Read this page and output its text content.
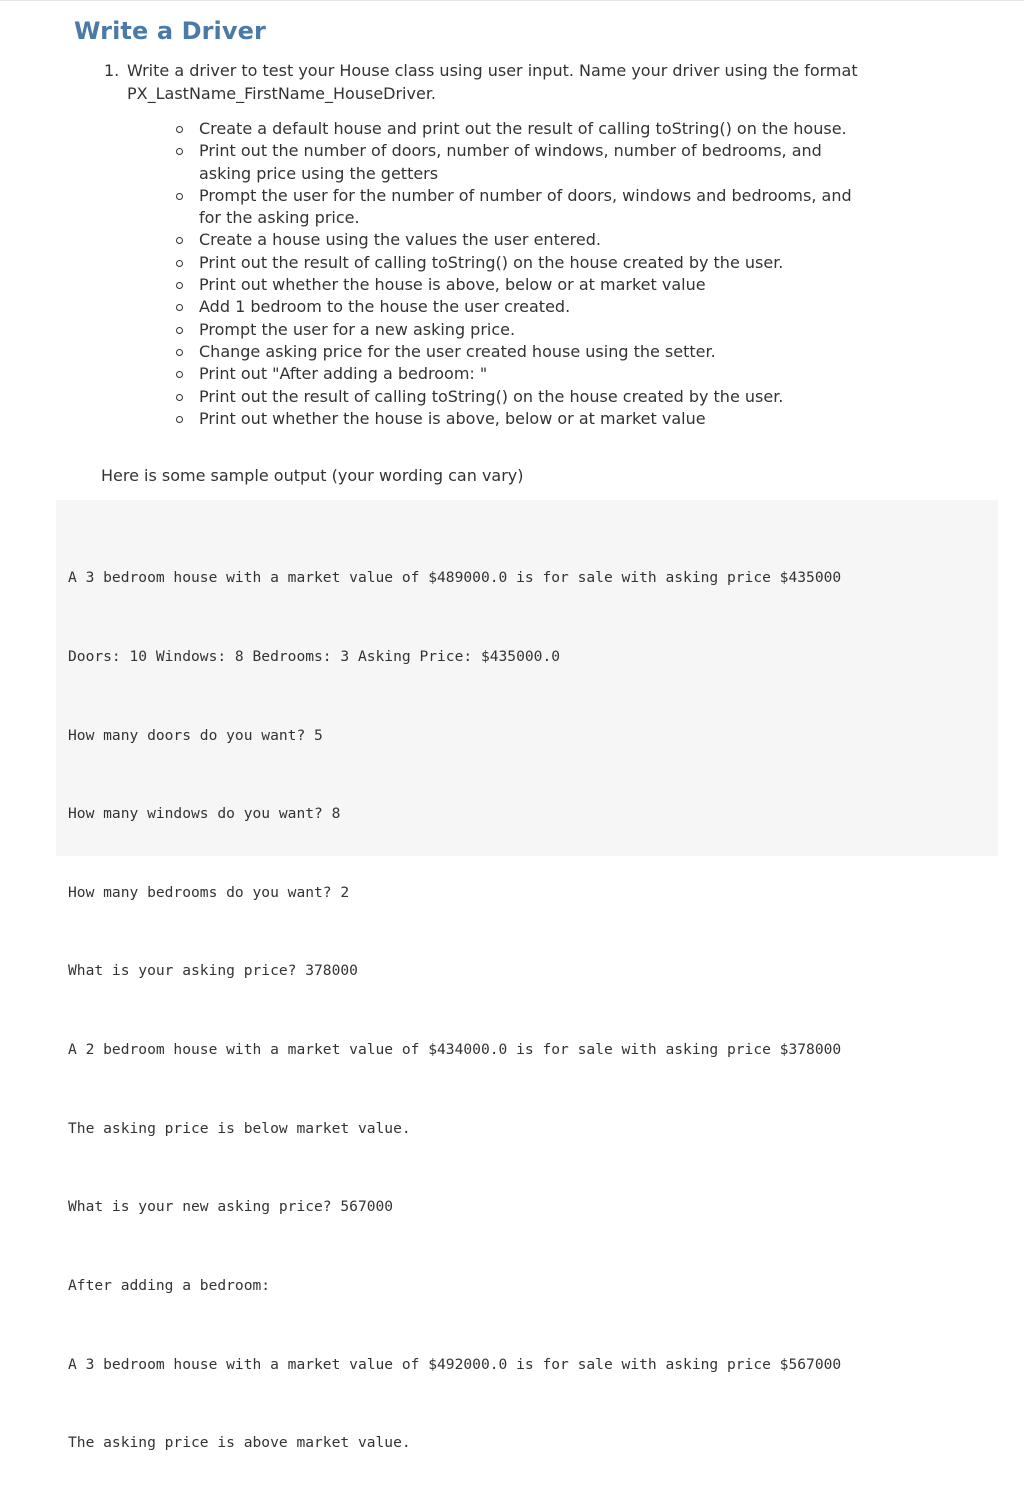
Write a Driver
1. Write a driver to test your House class using user input. Name your driver using the format PX_LastName_FirstName_HouseDriver.
Create a default house and print out the result of calling toString() on the house.
Print out the number of doors, number of windows, number of bedrooms, and asking price using the getters
Prompt the user for the number of number of doors, windows and bedrooms, and for the asking price.
Create a house using the values the user entered.
Print out the result of calling toString() on the house created by the user.
Print out whether the house is above, below or at market value
Add 1 bedroom to the house the user created.
Prompt the user for a new asking price.
Change asking price for the user created house using the setter.
Print out "After adding a bedroom: "
Print out the result of calling toString() on the house created by the user.
Print out whether the house is above, below or at market value

Here is some sample output (your wording can vary)

A 3 bedroom house with a market value of $489000.0 is for sale with asking price $435000

Doors: 10 Windows: 8 Bedrooms: 3 Asking Price: $435000.0

How many doors do you want? 5

How many windows do you want? 8

How many bedrooms do you want? 2

What is your asking price? 378000

A 2 bedroom house with a market value of $434000.0 is for sale with asking price $378000

The asking price is below market value.

What is your new asking price? 567000

After adding a bedroom:

A 3 bedroom house with a market value of $492000.0 is for sale with asking price $567000

The asking price is above market value.
